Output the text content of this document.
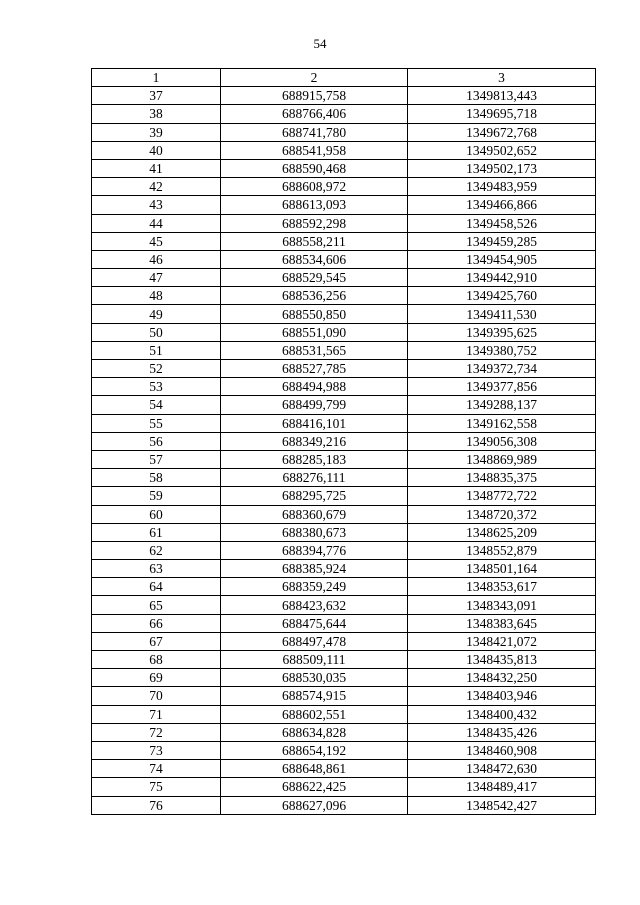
54
1	2	3
37	688915,758	1349813,443
38	688766,406	1349695,718
39	688741,780	1349672,768
40	688541,958	1349502,652
41	688590,468	1349502,173
42	688608,972	1349483,959
43	688613,093	1349466,866
44	688592,298	1349458,526
45	688558,211	1349459,285
46	688534,606	1349454,905
47	688529,545	1349442,910
48	688536,256	1349425,760
49	688550,850	1349411,530
50	688551,090	1349395,625
51	688531,565	1349380,752
52	688527,785	1349372,734
53	688494,988	1349377,856
54	688499,799	1349288,137
55	688416,101	1349162,558
56	688349,216	1349056,308
57	688285,183	1348869,989
58	688276,111	1348835,375
59	688295,725	1348772,722
60	688360,679	1348720,372
61	688380,673	1348625,209
62	688394,776	1348552,879
63	688385,924	1348501,164
64	688359,249	1348353,617
65	688423,632	1348343,091
66	688475,644	1348383,645
67	688497,478	1348421,072
68	688509,111	1348435,813
69	688530,035	1348432,250
70	688574,915	1348403,946
71	688602,551	1348400,432
72	688634,828	1348435,426
73	688654,192	1348460,908
74	688648,861	1348472,630
75	688622,425	1348489,417
76	688627,096	1348542,427
